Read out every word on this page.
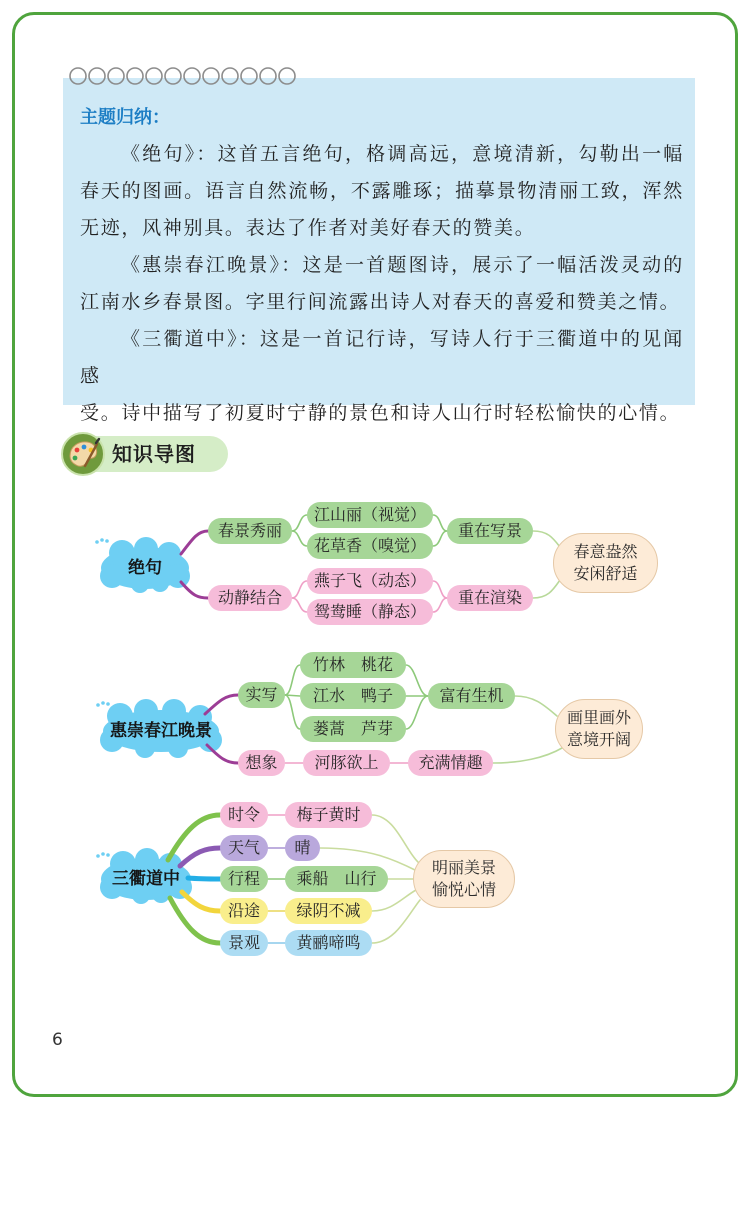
主题归纳：
《绝句》：这首五言绝句，格调高远，意境清新，勾勒出一幅
春天的图画。语言自然流畅，不露雕琢；描摹景物清丽工致，浑然
无迹，风神别具。表达了作者对美好春天的赞美。
《惠崇春江晚景》：这是一首题图诗，展示了一幅活泼灵动的
江南水乡春景图。字里行间流露出诗人对春天的喜爱和赞美之情。
《三衢道中》：这是一首记行诗，写诗人行于三衢道中的见闻感
受。诗中描写了初夏时宁静的景色和诗人山行时轻松愉快的心情。
知识导图
绝句
春景秀丽
动静结合
江山丽（视觉）
花草香（嗅觉）
燕子飞（动态）
鸳鸯睡（静态）
重在写景
重在渲染
春意盎然
安闲舒适
惠崇春江晚景
实写
想象
竹林　桃花
江水　鸭子
蒌蒿　芦芽
富有生机
河豚欲上	充满情趣
画里画外
意境开阔
三衢道中
时令
天气
行程
沿途
景观
梅子黄时
晴
乘船　山行
绿阴不减
黄鹂啼鸣
明丽美景
愉悦心情
6
